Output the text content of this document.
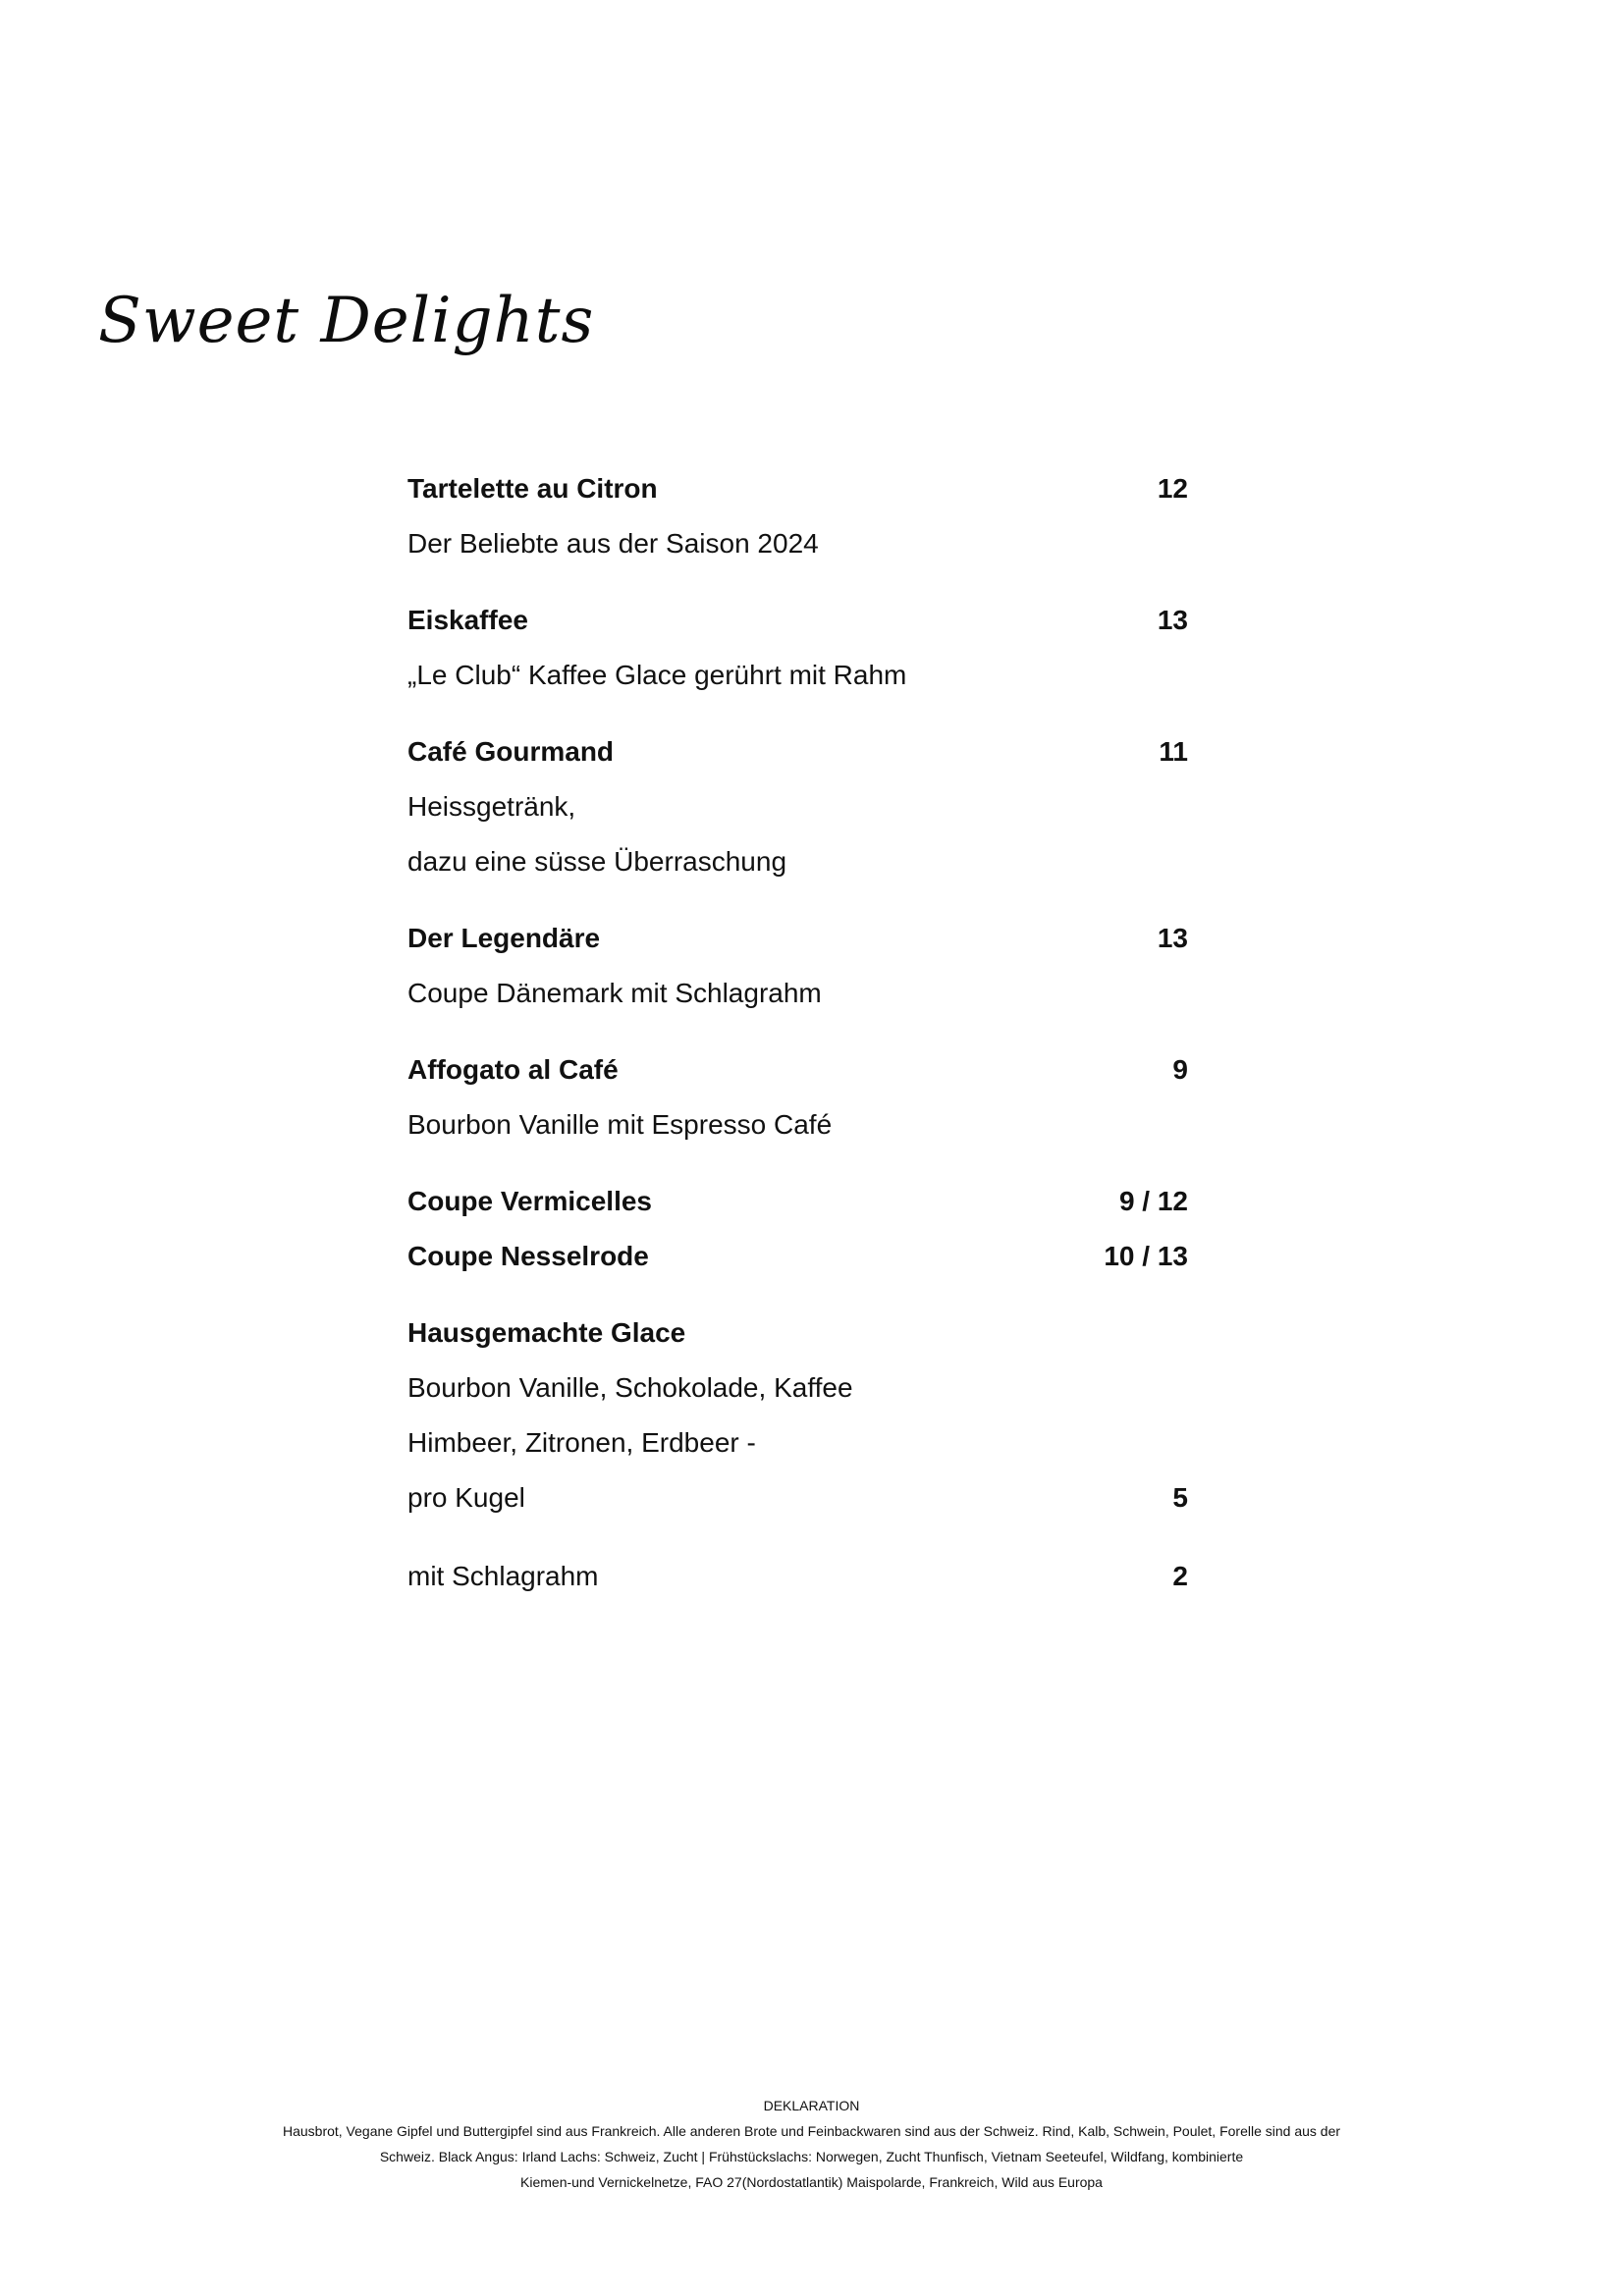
Sweet Delights
Tartelette au Citron	12
Der Beliebte aus der Saison 2024
Eiskaffee	13
„Le Club“ Kaffee Glace gerührt mit Rahm
Café Gourmand	11
Heissgetränk,
dazu eine süsse Überraschung
Der Legendäre	13
Coupe Dänemark mit Schlagrahm
Affogato al Café	9
Bourbon Vanille mit Espresso Café
Coupe Vermicelles	9 / 12
Coupe Nesselrode	10 / 13
Hausgemachte Glace
Bourbon Vanille, Schokolade, Kaffee
Himbeer, Zitronen, Erdbeer -
pro Kugel	5
mit Schlagrahm	2
DEKLARATION
Hausbrot, Vegane Gipfel und Buttergipfel sind aus Frankreich. Alle anderen Brote und Feinbackwaren sind aus der Schweiz. Rind, Kalb, Schwein, Poulet, Forelle sind aus der
Schweiz. Black Angus: Irland Lachs: Schweiz, Zucht | Frühstückslachs: Norwegen, Zucht Thunfisch, Vietnam Seeteufel, Wildfang, kombinierte
Kiemen-und Vernickelnetze, FAO 27(Nordostatlantik) Maispolarde, Frankreich, Wild aus Europa
